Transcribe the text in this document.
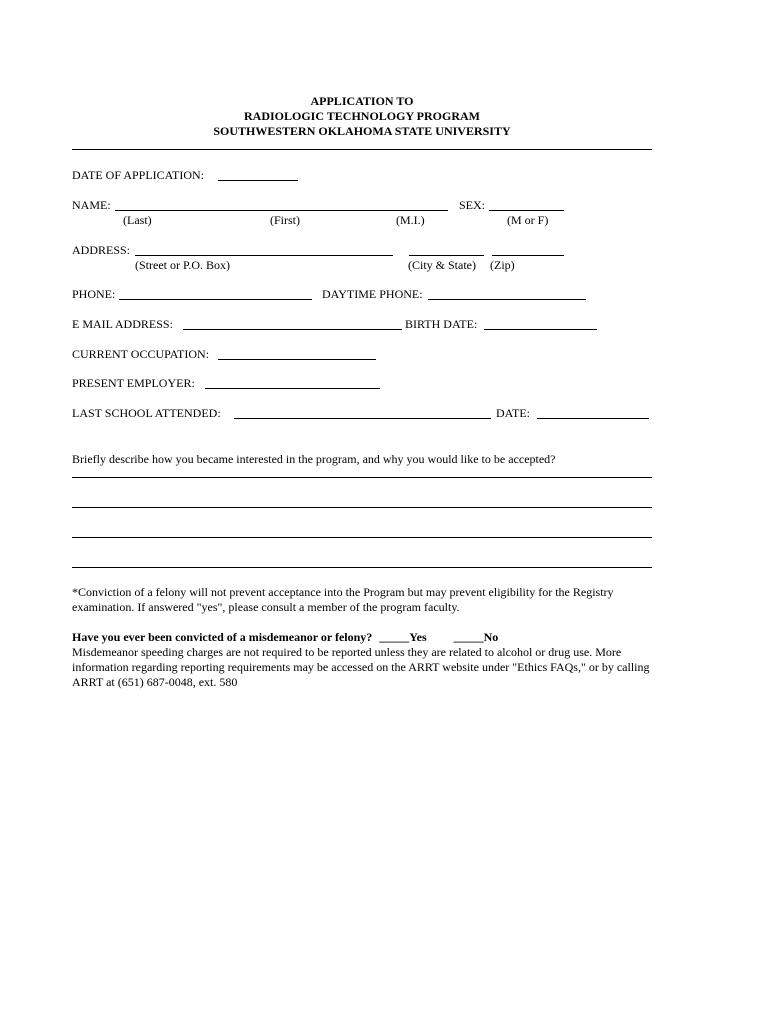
APPLICATION TO
RADIOLOGIC TECHNOLOGY PROGRAM
SOUTHWESTERN OKLAHOMA STATE UNIVERSITY
DATE OF APPLICATION:
NAME:	SEX:
(Last)	(First)	(M.I.)	(M or F)
ADDRESS:
(Street or P.O. Box)	(City & State) (Zip)
PHONE:	DAYTIME PHONE:
E MAIL ADDRESS:	BIRTH DATE:
CURRENT OCCUPATION:
PRESENT EMPLOYER:
LAST SCHOOL ATTENDED:	DATE:
Briefly describe how you became interested in the program, and why you would like to be accepted?
*Conviction of a felony will not prevent acceptance into the Program but may prevent eligibility for the Registry
examination. If answered "yes", please consult a member of the program faculty.
Have you ever been convicted of a misdemeanor or felony? _____Yes _____No
Misdemeanor speeding charges are not required to be reported unless they are related to alcohol or drug use. More
information regarding reporting requirements may be accessed on the ARRT website under "Ethics FAQs," or by calling
ARRT at (651) 687-0048, ext. 580
